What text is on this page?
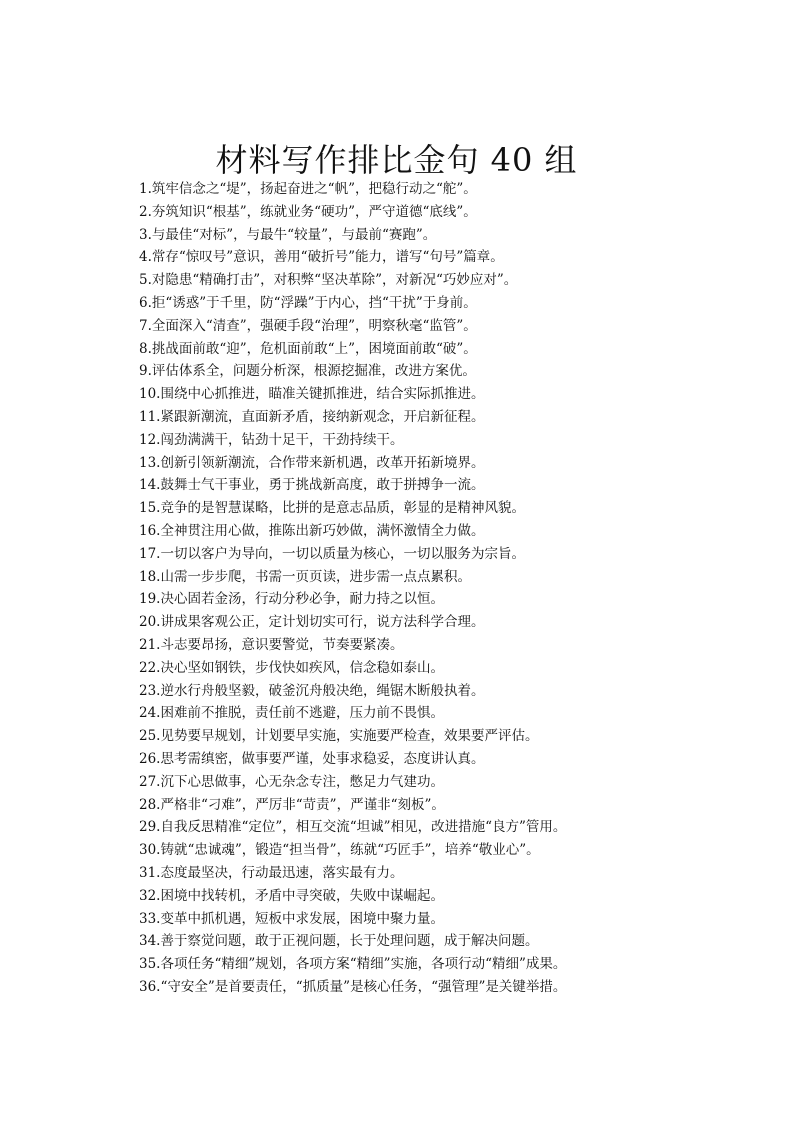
材料写作排比金句 40 组
1.筑牢信念之“堤”，扬起奋进之“帆”，把稳行动之“舵”。
2.夯筑知识“根基”，练就业务“硬功”，严守道德“底线”。
3.与最佳“对标”，与最牛“较量”，与最前“赛跑”。
4.常存“惊叹号”意识，善用“破折号”能力，谱写“句号”篇章。
5.对隐患“精确打击”，对积弊“坚决革除”，对新况“巧妙应对”。
6.拒“诱惑”于千里，防“浮躁”于内心，挡“干扰”于身前。
7.全面深入“清查”，强硬手段“治理”，明察秋毫“监管”。
8.挑战面前敢“迎”，危机面前敢“上”，困境面前敢“破”。
9.评估体系全，问题分析深，根源挖掘准，改进方案优。
10.围绕中心抓推进，瞄准关键抓推进，结合实际抓推进。
11.紧跟新潮流，直面新矛盾，接纳新观念，开启新征程。
12.闯劲满满干，钻劲十足干，干劲持续干。
13.创新引领新潮流，合作带来新机遇，改革开拓新境界。
14.鼓舞士气干事业，勇于挑战新高度，敢于拼搏争一流。
15.竞争的是智慧谋略，比拼的是意志品质，彰显的是精神风貌。
16.全神贯注用心做，推陈出新巧妙做，满怀激情全力做。
17.一切以客户为导向，一切以质量为核心，一切以服务为宗旨。
18.山需一步步爬，书需一页页读，进步需一点点累积。
19.决心固若金汤，行动分秒必争，耐力持之以恒。
20.讲成果客观公正，定计划切实可行，说方法科学合理。
21.斗志要昂扬，意识要警觉，节奏要紧凑。
22.决心坚如钢铁，步伐快如疾风，信念稳如泰山。
23.逆水行舟般坚毅，破釜沉舟般决绝，绳锯木断般执着。
24.困难前不推脱，责任前不逃避，压力前不畏惧。
25.见势要早规划，计划要早实施，实施要严检查，效果要严评估。
26.思考需缜密，做事要严谨，处事求稳妥，态度讲认真。
27.沉下心思做事，心无杂念专注，憋足力气建功。
28.严格非“刁难”，严厉非“苛责”，严谨非“刻板”。
29.自我反思精准“定位”，相互交流“坦诚”相见，改进措施“良方”管用。
30.铸就“忠诚魂”，锻造“担当骨”，练就“巧匠手”，培养“敬业心”。
31.态度最坚决，行动最迅速，落实最有力。
32.困境中找转机，矛盾中寻突破，失败中谋崛起。
33.变革中抓机遇，短板中求发展，困境中聚力量。
34.善于察觉问题，敢于正视问题，长于处理问题，成于解决问题。
35.各项任务“精细”规划，各项方案“精细”实施，各项行动“精细”成果。
36.“守安全”是首要责任，“抓质量”是核心任务，“强管理”是关键举措。
